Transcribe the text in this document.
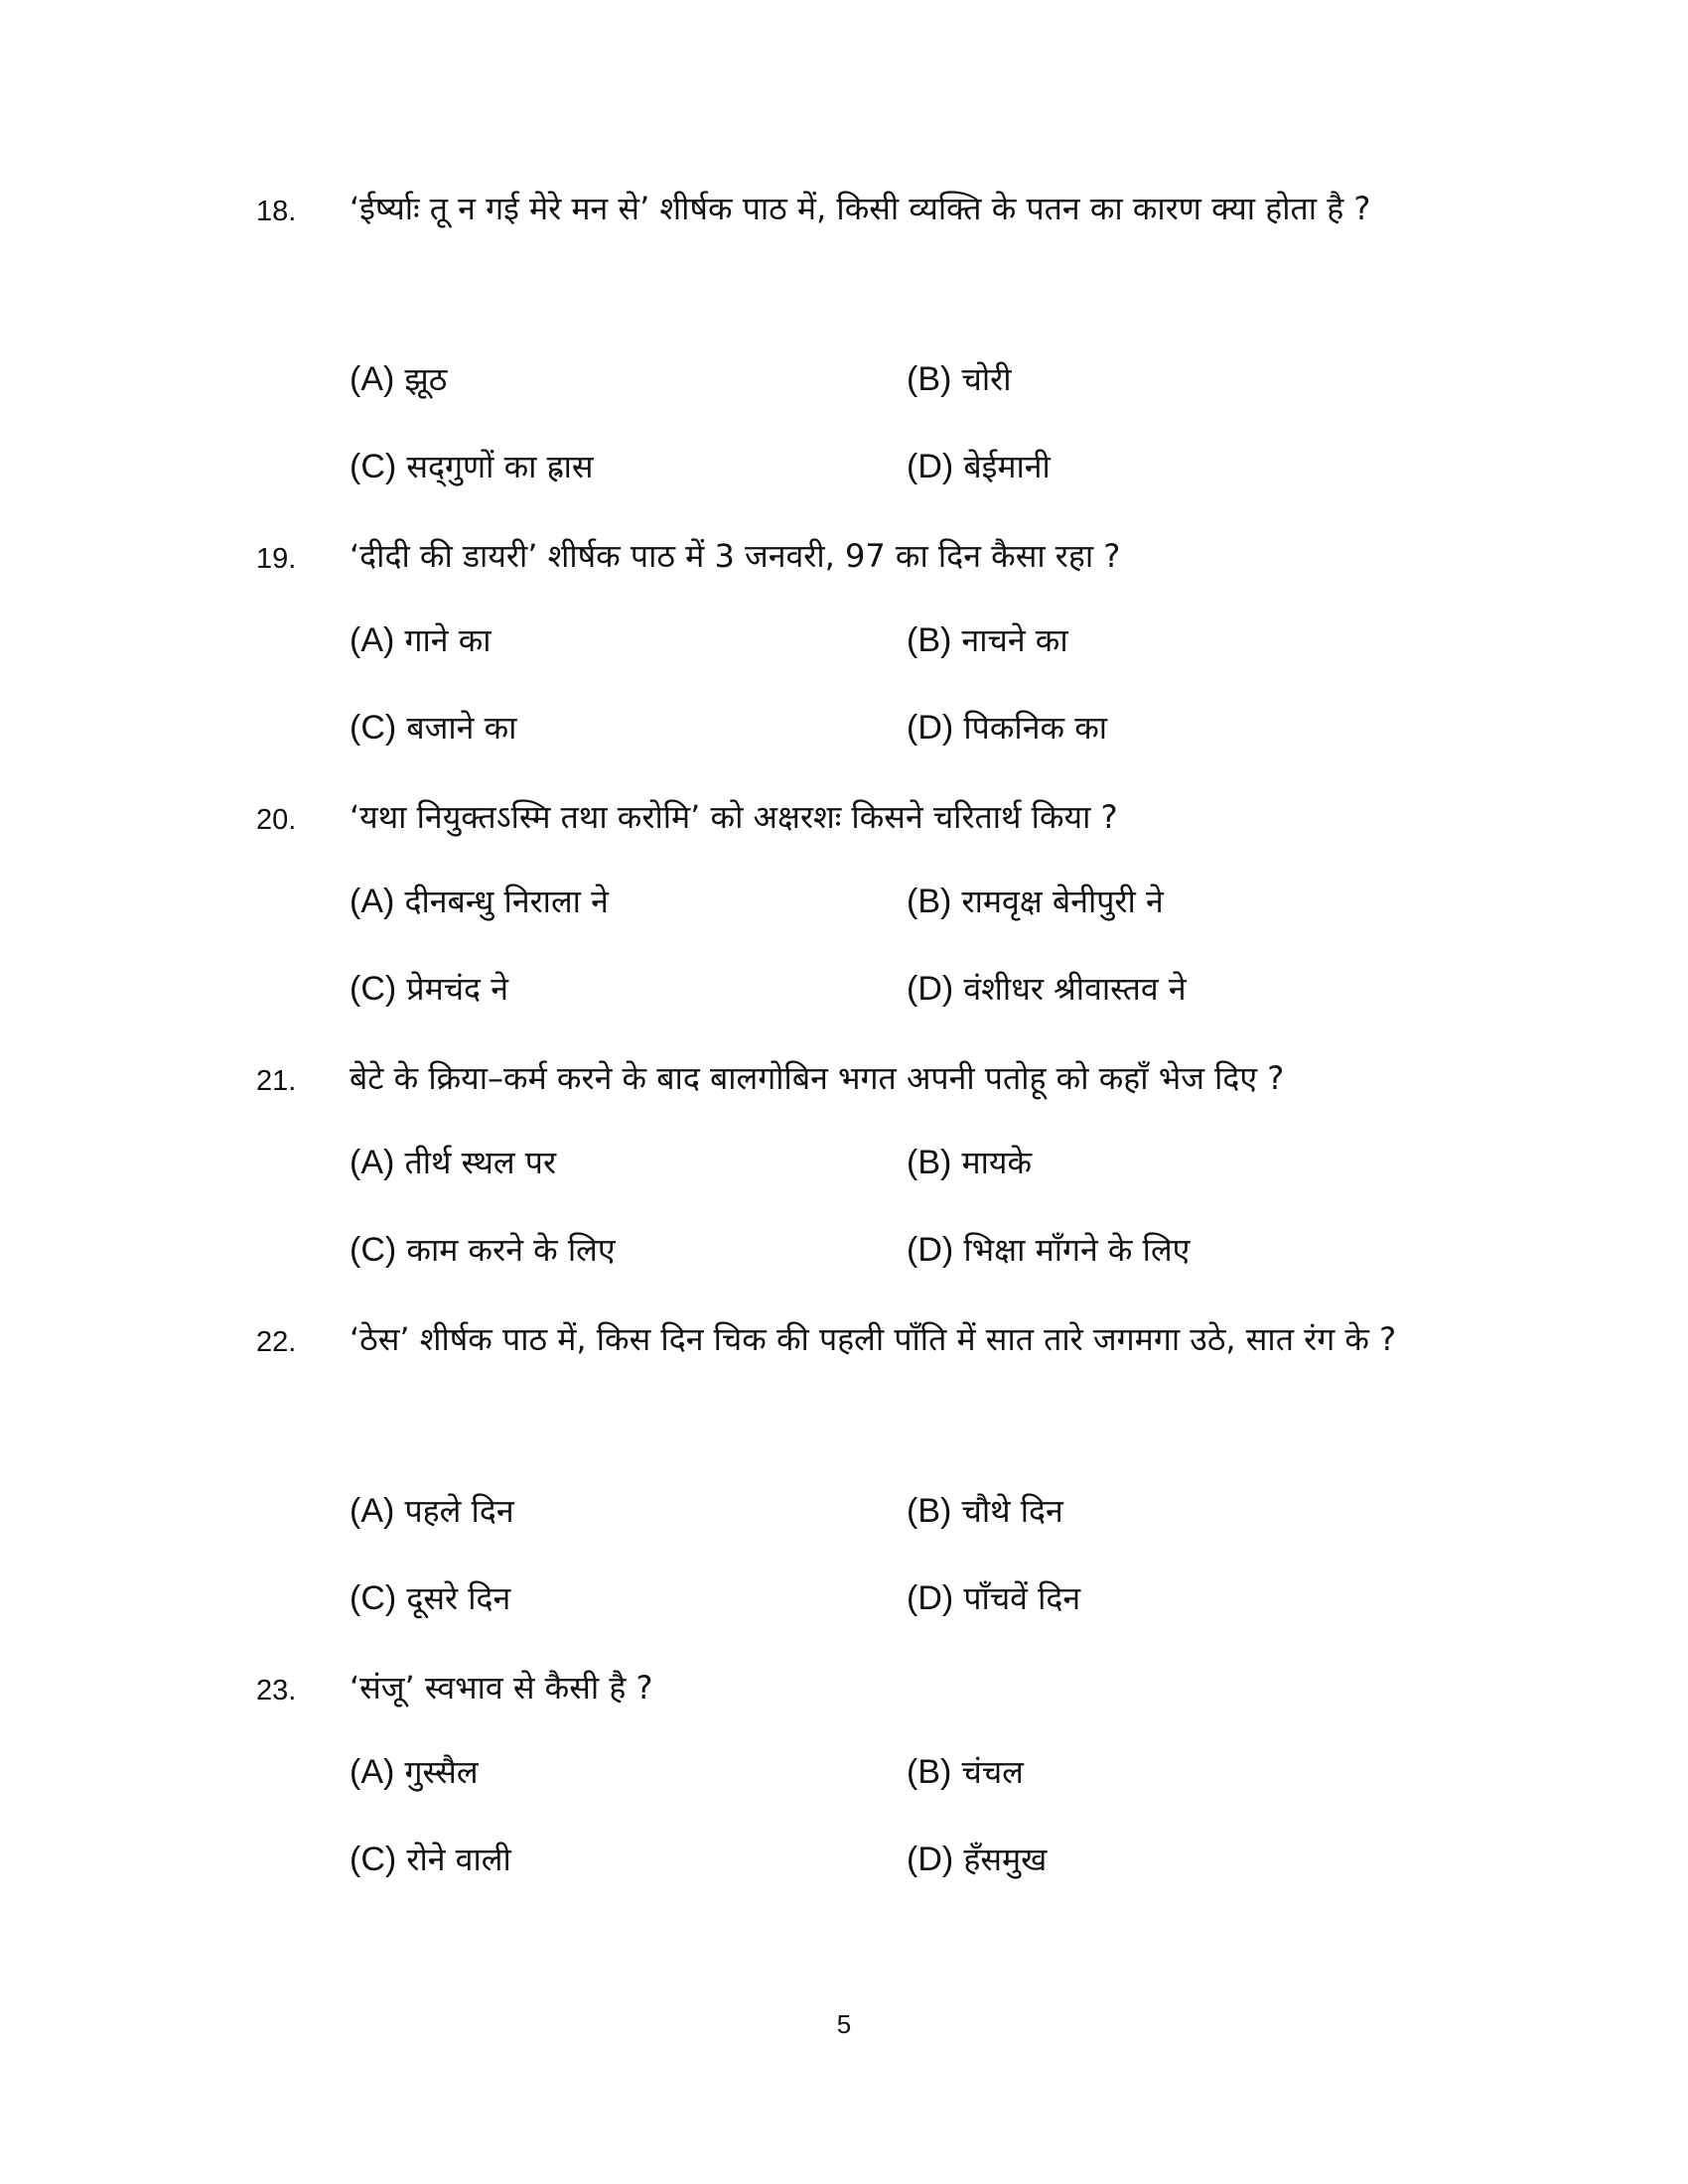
18. ‘ईर्ष्याः तू न गई मेरे मन से’ शीर्षक पाठ में, किसी व्यक्ति के पतन का कारण क्या होता है ?
(A) झूठ	(B) चोरी
(C) सद्‌गुणों का ह्रास	(D) बेईमानी
19. ‘दीदी की डायरी’ शीर्षक पाठ में 3 जनवरी, 97 का दिन कैसा रहा ?
(A) गाने का	(B) नाचने का
(C) बजाने का	(D) पिकनिक का
20. ‘यथा नियुक्तऽस्मि तथा करोमि’ को अक्षरशः किसने चरितार्थ किया ?
(A) दीनबन्धु निराला ने	(B) रामवृक्ष बेनीपुरी ने
(C) प्रेमचंद ने	(D) वंशीधर श्रीवास्तव ने
21. बेटे के क्रिया–कर्म करने के बाद बालगोबिन भगत अपनी पतोहू को कहाँ भेज दिए ?
(A) तीर्थ स्थल पर	(B) मायके
(C) काम करने के लिए	(D) भिक्षा माँगने के लिए
22. ‘ठेस’ शीर्षक पाठ में, किस दिन चिक की पहली पाँति में सात तारे जगमगा उठे, सात रंग के ?
(A) पहले दिन	(B) चौथे दिन
(C) दूसरे दिन	(D) पाँचवें दिन
23. ‘संजू’ स्वभाव से कैसी है ?
(A) गुस्सैल	(B) चंचल
(C) रोने वाली	(D) हँसमुख
5
